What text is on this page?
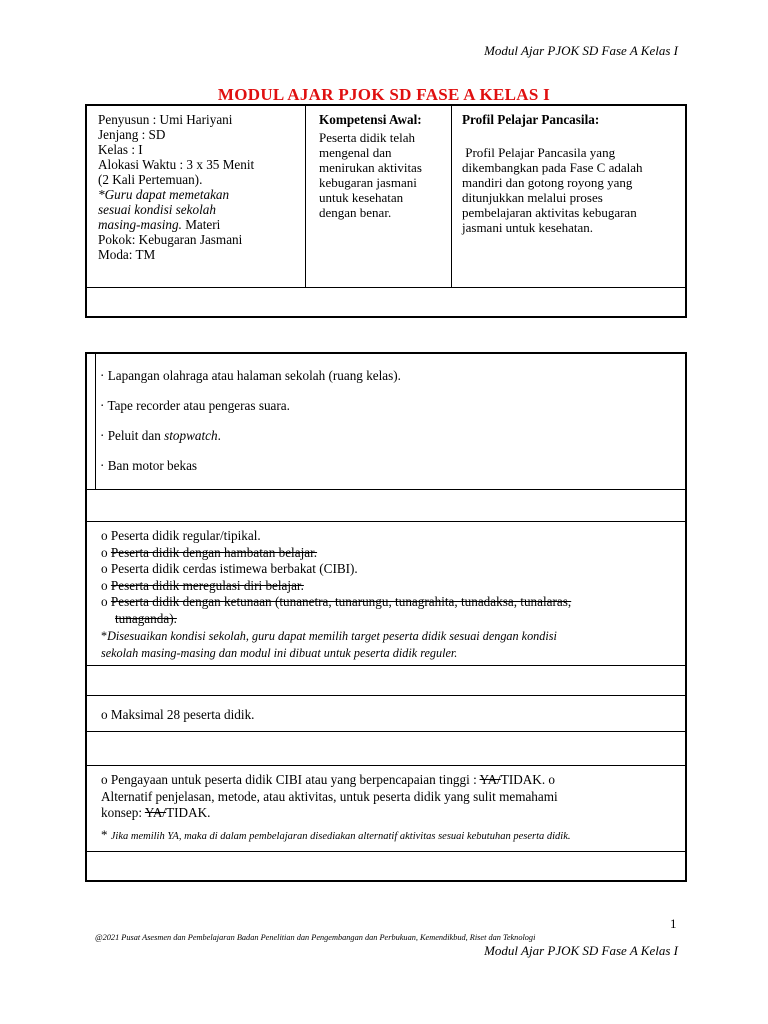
Modul Ajar PJOK SD Fase A Kelas I
MODUL AJAR PJOK SD FASE A KELAS I
Penyusun : Umi Hariyani
Jenjang : SD
Kelas : I
Alokasi Waktu : 3 x 35 Menit
(2 Kali Pertemuan).
*Guru dapat memetakan
sesuai kondisi sekolah
masing-masing. Materi
Pokok: Kebugaran Jasmani
Moda: TM
Kompetensi Awal:

Peserta didik telah
mengenal dan
menirukan aktivitas
kebugaran jasmani
untuk kesehatan
dengan benar.

Profil Pelajar Pancasila:

Profil Pelajar Pancasila yang
dikembangkan pada Fase C adalah
mandiri dan gotong royong yang
ditunjukkan melalui proses
pembelajaran aktivitas kebugaran
jasmani untuk kesehatan.

· Lapangan olahraga atau halaman sekolah (ruang kelas).

· Tape recorder atau pengeras suara.

· Peluit dan stopwatch.

· Ban motor bekas

o Peserta didik regular/tipikal.

o Peserta didik dengan hambatan belajar.

o Peserta didik cerdas istimewa berbakat (CIBI).

o Peserta didik meregulasi diri belajar.

o Peserta didik dengan ketunaan (tunanetra, tunarungu, tunagrahita, tunadaksa, tunalaras,

tunaganda).

*Disesuaikan kondisi sekolah, guru dapat memilih target peserta didik sesuai dengan kondisi

sekolah masing-masing dan modul ini dibuat untuk peserta didik reguler.

o Maksimal 28 peserta didik.

o Pengayaan untuk peserta didik CIBI atau yang berpencapaian tinggi : YA/TIDAK. o

Alternatif penjelasan, metode, atau aktivitas, untuk peserta didik yang sulit memahami

konsep: YA/TIDAK.

* Jika memilih YA, maka di dalam pembelajaran disediakan alternatif aktivitas sesuai kebutuhan peserta didik.

1
@2021 Pusat Asesmen dan Pembelajaran Badan Penelitian dan Pengembangan dan Perbukuan, Kemendikbud, Riset dan Teknologi
Modul Ajar PJOK SD Fase A Kelas I
